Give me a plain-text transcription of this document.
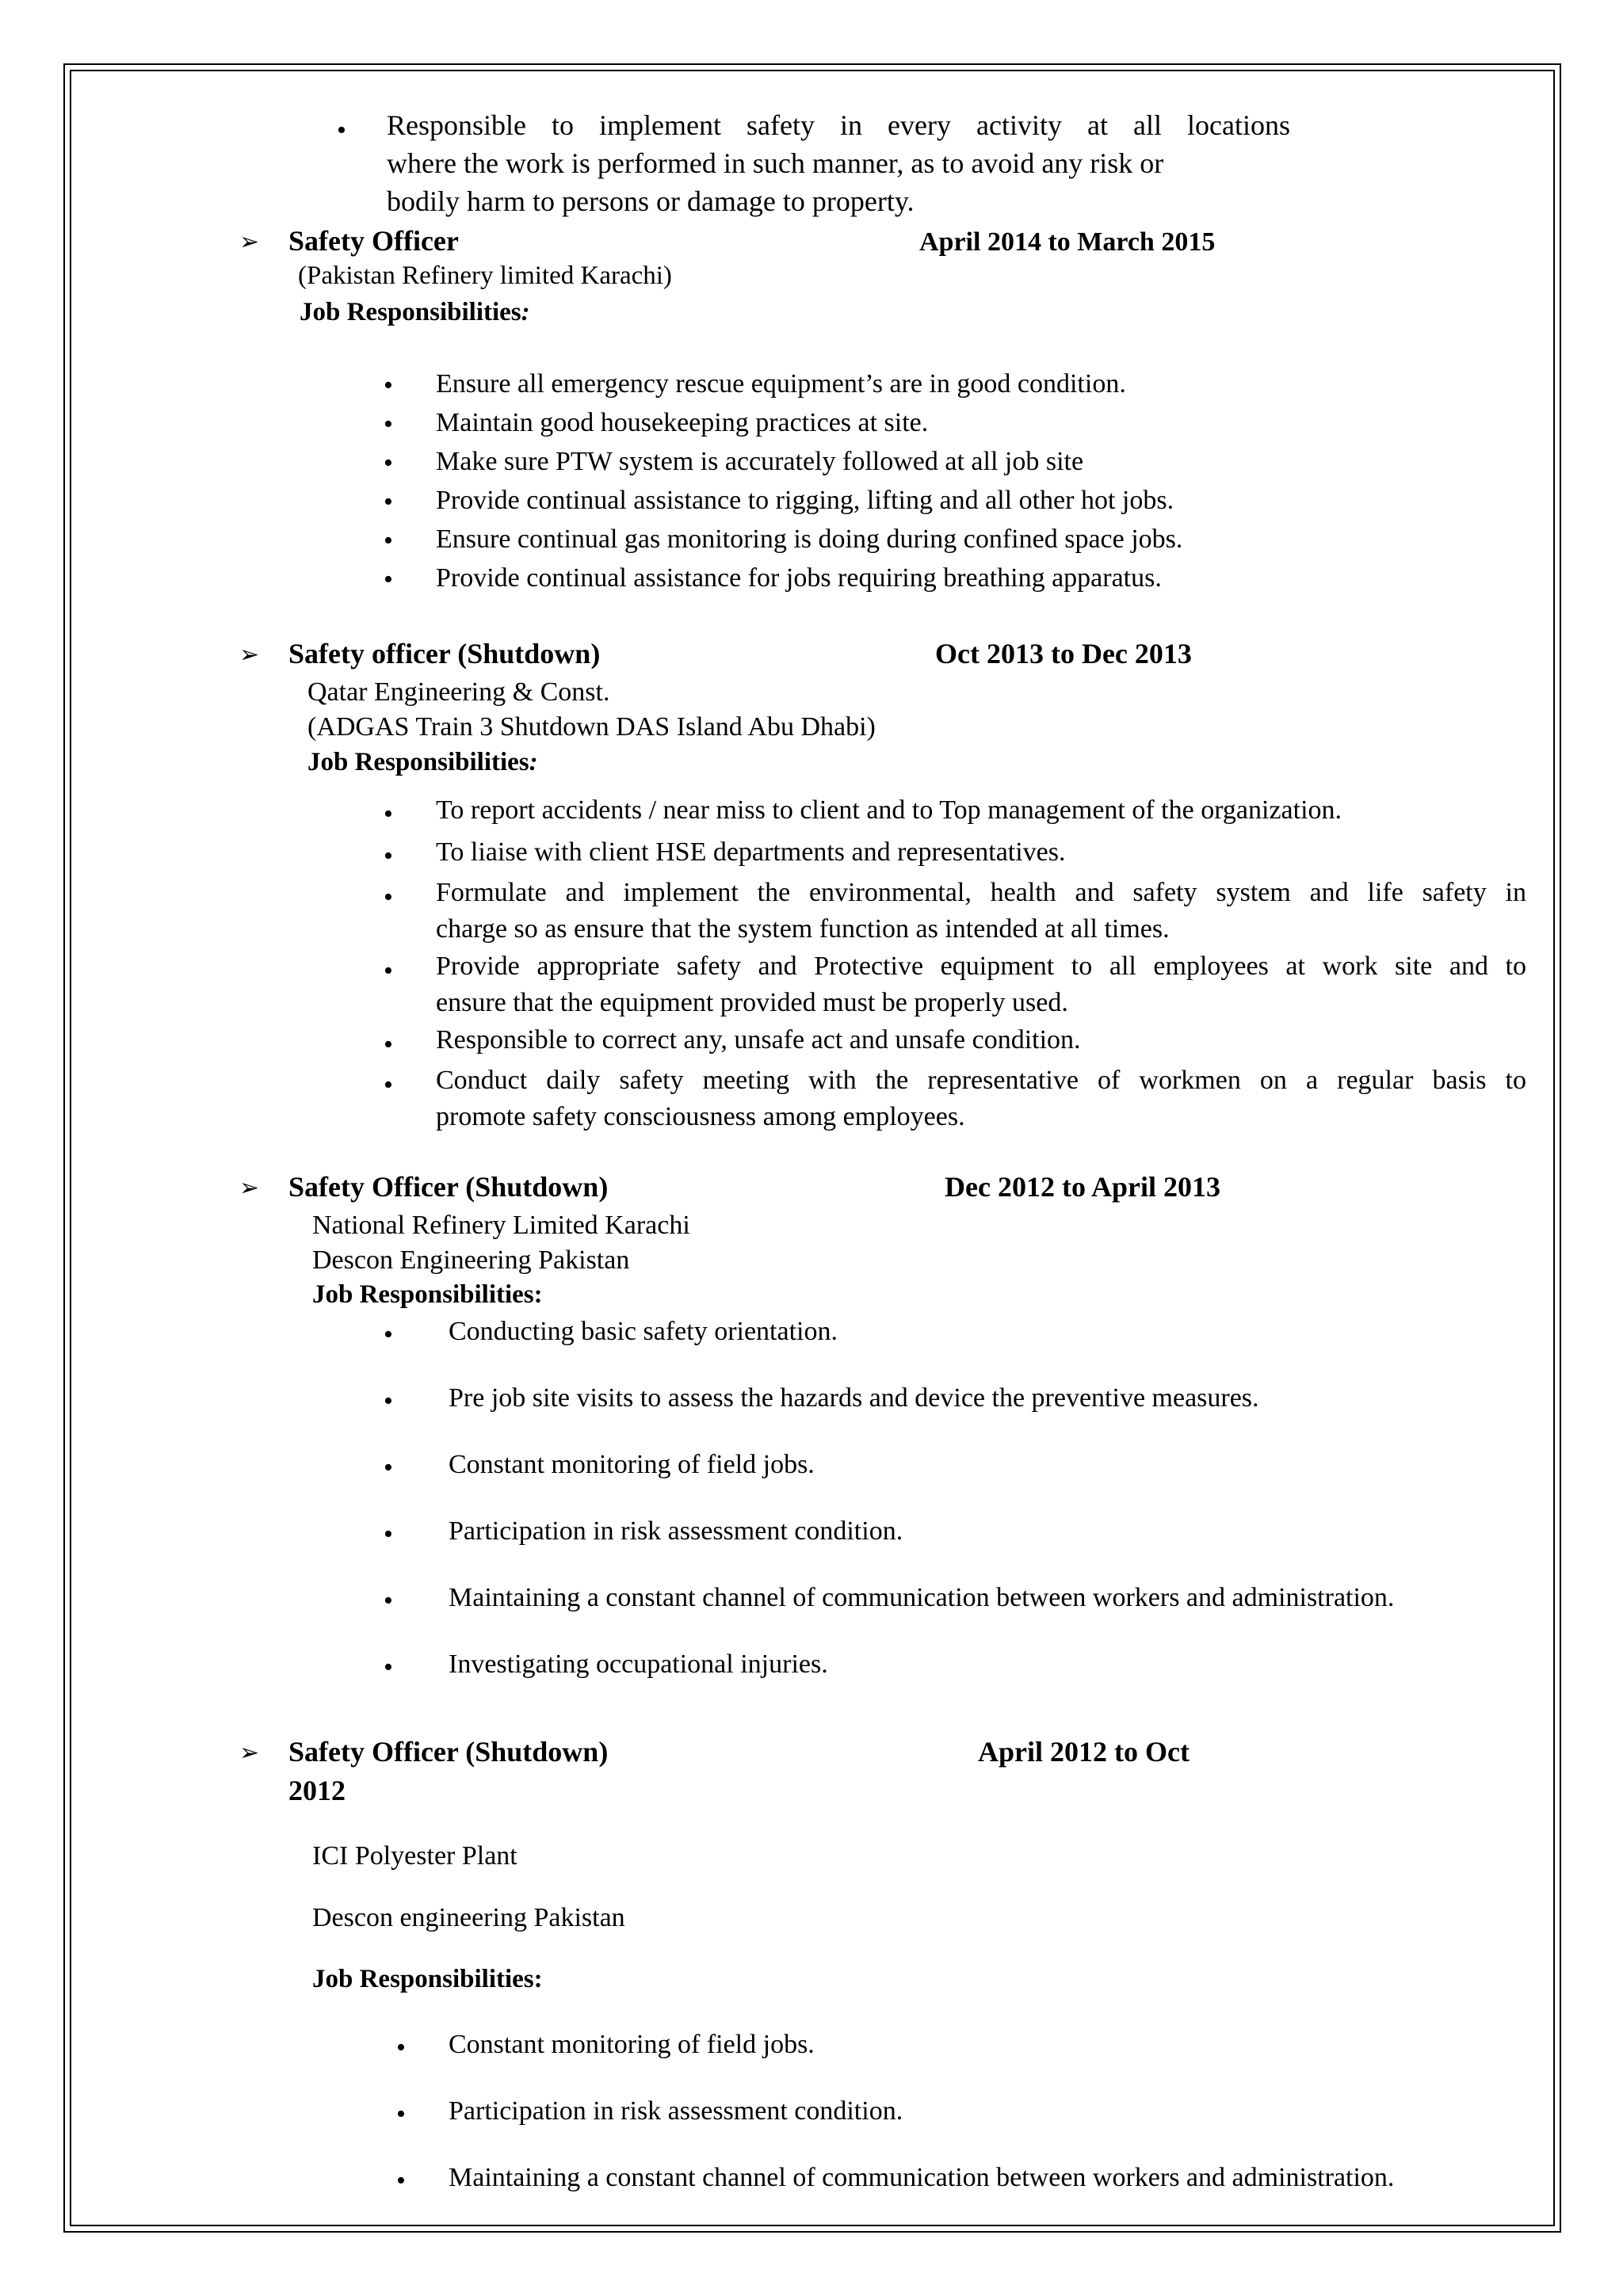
• Responsible to implement safety in every activity at all locations
where the work is performed in such manner, as to avoid any risk or
bodily harm to persons or damage to property.
➢ Safety Officer	April 2014 to March 2015
(Pakistan Refinery limited Karachi)
Job Responsibilities:
• Ensure all emergency rescue equipment’s are in good condition.
• Maintain good housekeeping practices at site.
• Make sure PTW system is accurately followed at all job site
• Provide continual assistance to rigging, lifting and all other hot jobs.
• Ensure continual gas monitoring is doing during confined space jobs.
• Provide continual assistance for jobs requiring breathing apparatus.
➢ Safety officer (Shutdown)	Oct 2013 to Dec 2013
Qatar Engineering & Const.
(ADGAS Train 3 Shutdown DAS Island Abu Dhabi)
Job Responsibilities:
• To report accidents / near miss to client and to Top management of the organization.
• To liaise with client HSE departments and representatives.
• Formulate and implement the environmental, health and safety system and life safety in
charge so as ensure that the system function as intended at all times.
• Provide appropriate safety and Protective equipment to all employees at work site and to
ensure that the equipment provided must be properly used.
• Responsible to correct any, unsafe act and unsafe condition.
• Conduct daily safety meeting with the representative of workmen on a regular basis to
promote safety consciousness among employees.
➢ Safety Officer (Shutdown)	Dec 2012 to April 2013
National Refinery Limited Karachi
Descon Engineering Pakistan
Job Responsibilities:
• Conducting basic safety orientation.
• Pre job site visits to assess the hazards and device the preventive measures.
• Constant monitoring of field jobs.
• Participation in risk assessment condition.
• Maintaining a constant channel of communication between workers and administration.
• Investigating occupational injuries.
➢ Safety Officer (Shutdown)	April 2012 to Oct
2012
ICI Polyester Plant
Descon engineering Pakistan
Job Responsibilities:
• Constant monitoring of field jobs.
• Participation in risk assessment condition.
• Maintaining a constant channel of communication between workers and administration.
